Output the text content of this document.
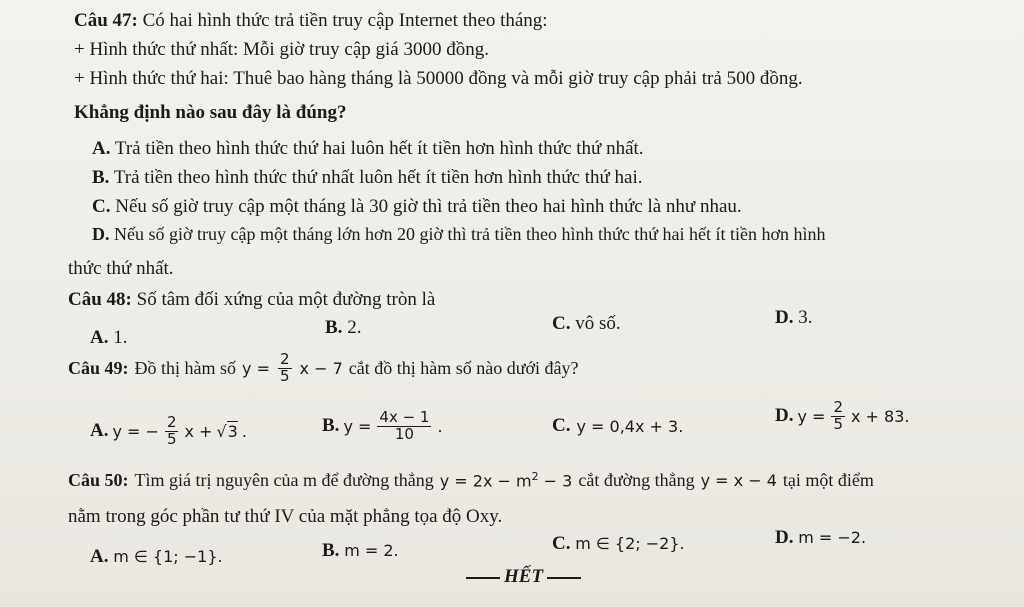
Câu 47: Có hai hình thức trả tiền truy cập Internet theo tháng:
+ Hình thức thứ nhất: Mỗi giờ truy cập giá 3000 đồng.
+ Hình thức thứ hai: Thuê bao hàng tháng là 50000 đồng và mỗi giờ truy cập phải trả 500 đồng.
Khẳng định nào sau đây là đúng?
A. Trả tiền theo hình thức thứ hai luôn hết ít tiền hơn hình thức thứ nhất.
B. Trả tiền theo hình thức thứ nhất luôn hết ít tiền hơn hình thức thứ hai.
C. Nếu số giờ truy cập một tháng là 30 giờ thì trả tiền theo hai hình thức là như nhau.
D. Nếu số giờ truy cập một tháng lớn hơn 20 giờ thì trả tiền theo hình thức thứ hai hết ít tiền hơn hình
thức thứ nhất.
Câu 48: Số tâm đối xứng của một đường tròn là
A. 1.	B. 2.	C. vô số.	D. 3.
Câu 49: Đồ thị hàm số $y = \frac{2}{5}$ x − 7 cắt đồ thị hàm số nào dưới đây?
A. y = − $\frac{2}{5}$ x + √3 .	B. $y = \frac{4x - 1}{10}$ .	C. y = 0,4x + 3.	D. $y = \frac{2}{5}$ x + 83.
Câu 50: Tìm giá trị nguyên của m để đường thẳng $y = 2x - m^2 - 3$ cắt đường thẳng y = x − 4 tại một điểm
nằm trong góc phần tư thứ IV của mặt phẳng tọa độ Oxy.
A. m ∈ {1; −1}.	B. m = 2.	C. m ∈ {2; −2}.	D. m = −2.
HẾT
